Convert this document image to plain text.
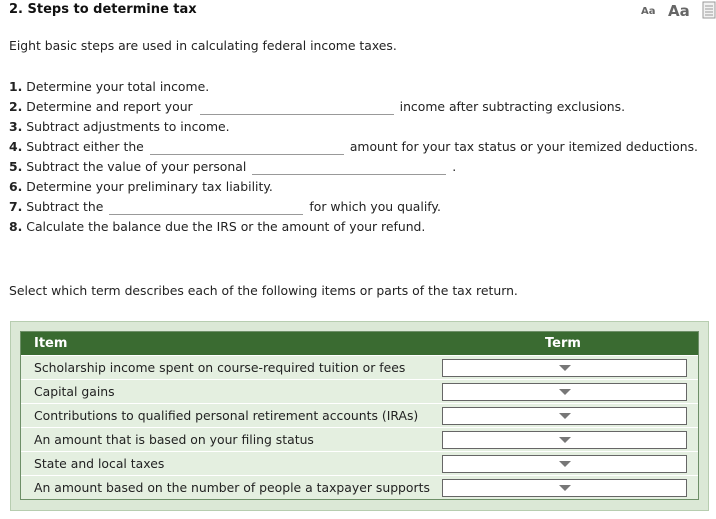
2. Steps to determine tax	Aa Aa
Eight basic steps are used in calculating federal income taxes.
1. Determine your total income.
2. Determine and report your	income after subtracting exclusions.
3. Subtract adjustments to income.
4. Subtract either the	amount for your tax status or your itemized deductions.
5. Subtract the value of your personal	.
6. Determine your preliminary tax liability.
7. Subtract the	for which you qualify.
8. Calculate the balance due the IRS or the amount of your refund.
Select which term describes each of the following items or parts of the tax return.
Item	Term
Scholarship income spent on course-required tuition or fees
Capital gains
Contributions to qualified personal retirement accounts (IRAs)
An amount that is based on your filing status
State and local taxes
An amount based on the number of people a taxpayer supports
